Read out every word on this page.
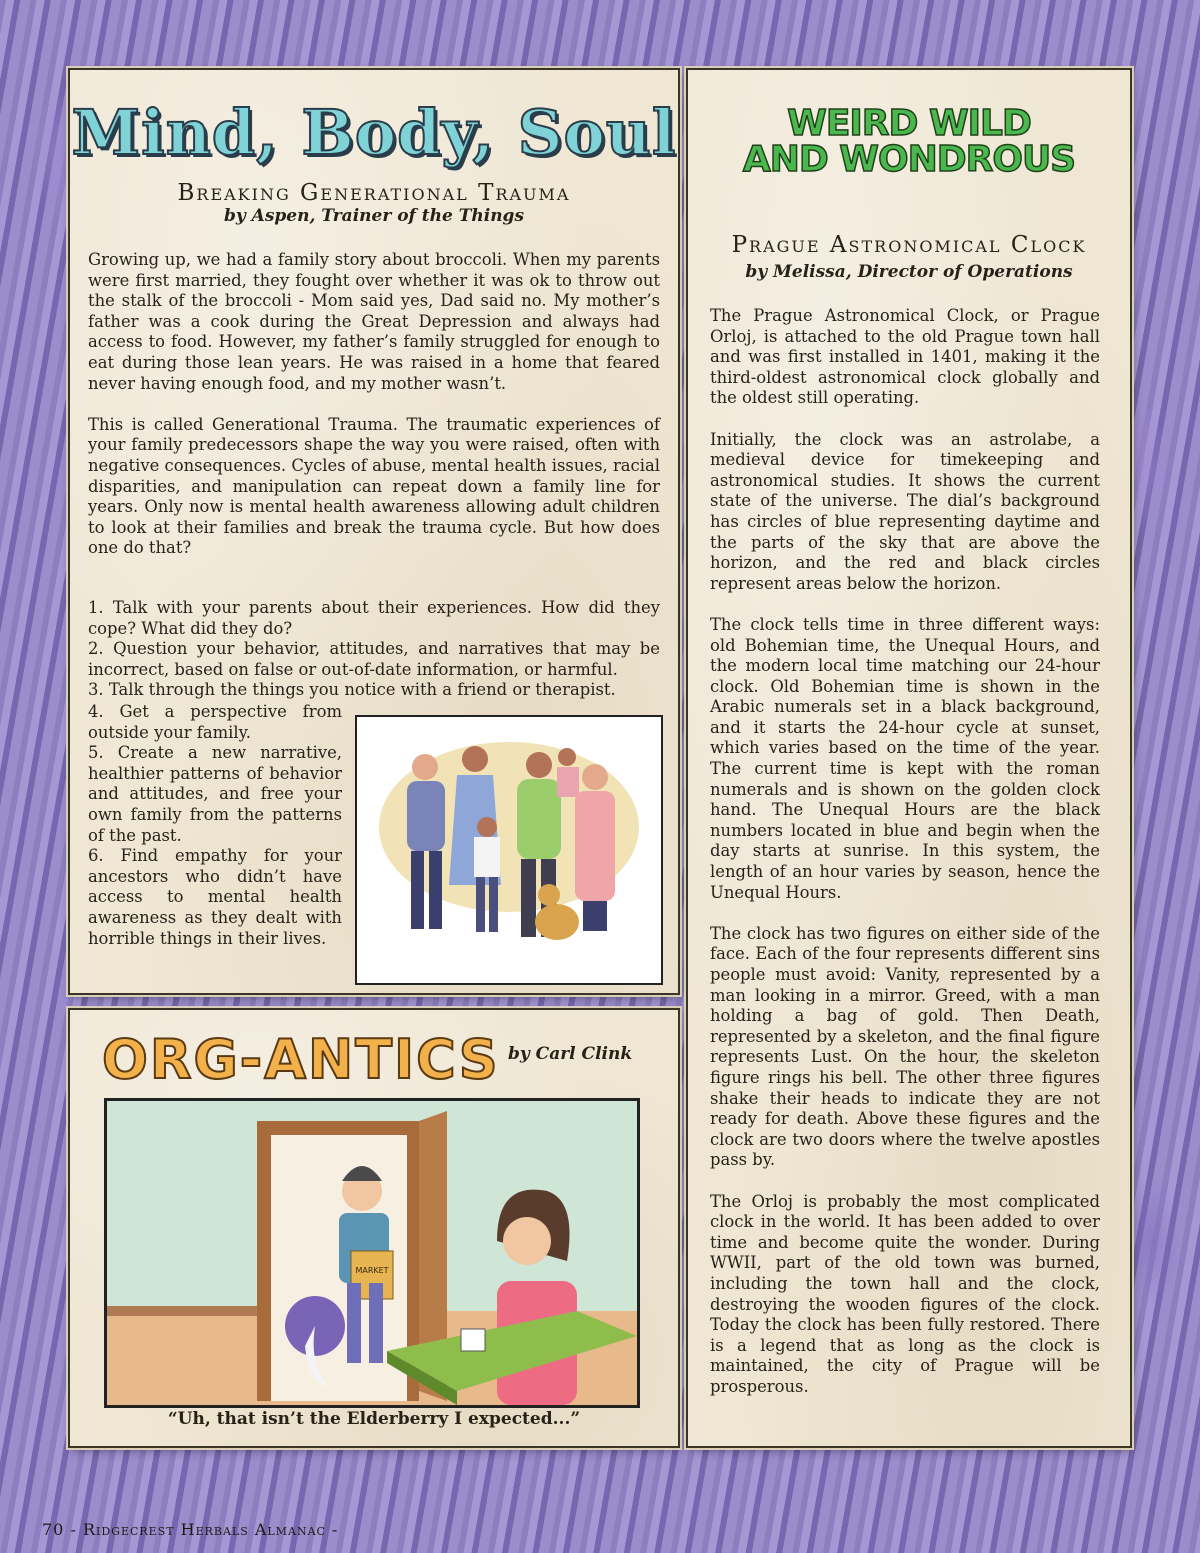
Mind, Body, Soul
Breaking Generational Trauma
by Aspen, Trainer of the Things

Growing up, we had a family story about broccoli. When my parents were first married, they fought over whether it was ok to throw out the stalk of the broccoli - Mom said yes, Dad said no. My mother’s father was a cook during the Great Depression and always had access to food. However, my father’s family struggled for enough to eat during those lean years. He was raised in a home that feared never having enough food, and my mother wasn’t.

This is called Generational Trauma. The traumatic experiences of your family predecessors shape the way you were raised, often with negative consequences. Cycles of abuse, mental health issues, racial disparities, and manipulation can repeat down a family line for years. Only now is mental health awareness allowing adult children to look at their families and break the trauma cycle. But how does one do that?

1. Talk with your parents about their experiences. How did they cope? What did they do?
2. Question your behavior, attitudes, and narratives that may be incorrect, based on false or out-of-date information, or harmful.
3. Talk through the things you notice with a friend or therapist.
4. Get a perspective from outside your family.
5. Create a new narrative, healthier patterns of behavior and attitudes, and free your own family from the patterns of the past.
6. Find empathy for your ancestors who didn’t have access to mental health awareness as they dealt with horrible things in their lives.
ORG-ANTICS by Carl Clink
MARKET
“Uh, that isn’t the Elderberry I expected...”
WEIRD WILD
AND WONDROUS
Prague Astronomical Clock
by Melissa, Director of Operations

The Prague Astronomical Clock, or Prague Orloj, is attached to the old Prague town hall and was first installed in 1401, making it the third-oldest astronomical clock globally and the oldest still operating.

Initially, the clock was an astrolabe, a medieval device for timekeeping and astronomical studies. It shows the current state of the universe. The dial’s background has circles of blue representing daytime and the parts of the sky that are above the horizon, and the red and black circles represent areas below the horizon.

The clock tells time in three different ways: old Bohemian time, the Unequal Hours, and the modern local time matching our 24-hour clock. Old Bohemian time is shown in the Arabic numerals set in a black background, and it starts the 24-hour cycle at sunset, which varies based on the time of the year. The current time is kept with the roman numerals and is shown on the golden clock hand. The Unequal Hours are the black numbers located in blue and begin when the day starts at sunrise. In this system, the length of an hour varies by season, hence the Unequal Hours.

The clock has two figures on either side of the face. Each of the four represents different sins people must avoid: Vanity, represented by a man looking in a mirror. Greed, with a man holding a bag of gold. Then Death, represented by a skeleton, and the final figure represents Lust. On the hour, the skeleton figure rings his bell. The other three figures shake their heads to indicate they are not ready for death. Above these figures and the clock are two doors where the twelve apostles pass by.

The Orloj is probably the most complicated clock in the world. It has been added to over time and become quite the wonder. During WWII, part of the old town was burned, including the town hall and the clock, destroying the wooden figures of the clock. Today the clock has been fully restored. There is a legend that as long as the clock is maintained, the city of Prague will be prosperous.

70 - Ridgecrest Herbals Almanac -
